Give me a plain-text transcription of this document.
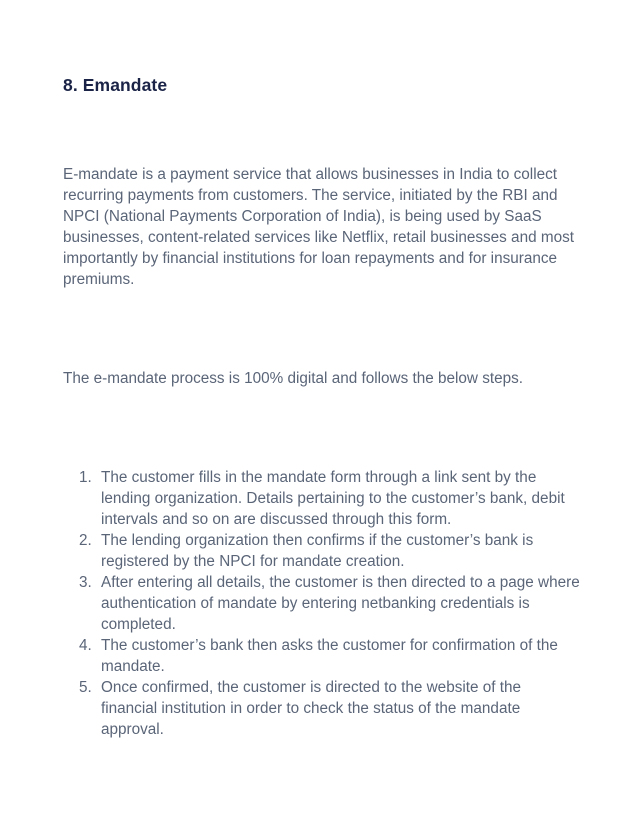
8. Emandate

E-mandate is a payment service that allows businesses in India to collect recurring payments from customers. The service, initiated by the RBI and NPCI (National Payments Corporation of India), is being used by SaaS businesses, content-related services like Netflix, retail businesses and most importantly by financial institutions for loan repayments and for insurance premiums.

The e-mandate process is 100% digital and follows the below steps.

1. The customer fills in the mandate form through a link sent by the lending organization. Details pertaining to the customer’s bank, debit intervals and so on are discussed through this form.
2. The lending organization then confirms if the customer’s bank is registered by the NPCI for mandate creation.
3. After entering all details, the customer is then directed to a page where authentication of mandate by entering netbanking credentials is completed.
4. The customer’s bank then asks the customer for confirmation of the mandate.
5. Once confirmed, the customer is directed to the website of the financial institution in order to check the status of the mandate approval.
